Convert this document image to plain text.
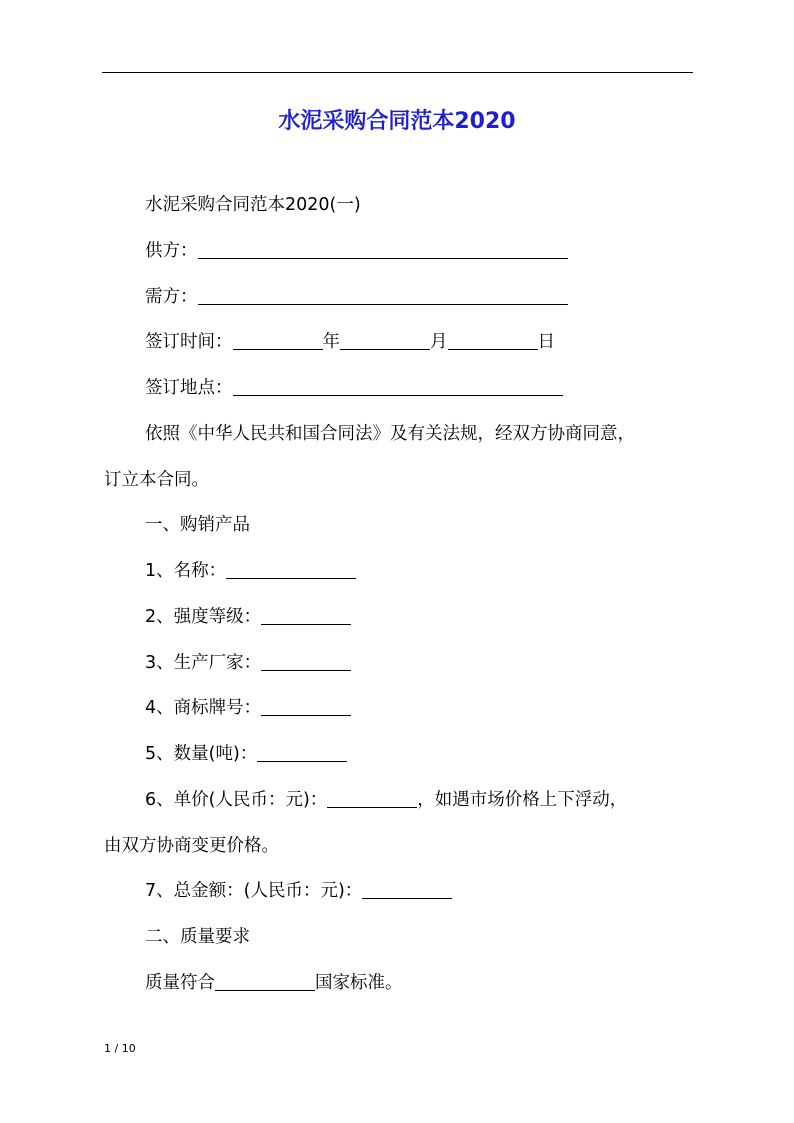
水泥采购合同范本2020
水泥采购合同范本2020(一)
供方：
需方：
签订时间：	年	月	日
签订地点：
依照《中华人民共和国合同法》及有关法规，经双方协商同意，
订立本合同。
一、购销产品
1、名称：
2、强度等级：
3、生产厂家：
4、商标牌号：
5、数量(吨)：
6、单价(人民币：元)：	，如遇市场价格上下浮动，
由双方协商变更价格。
7、总金额：(人民币：元)：
二、质量要求
质量符合	国家标准。
1 / 10
